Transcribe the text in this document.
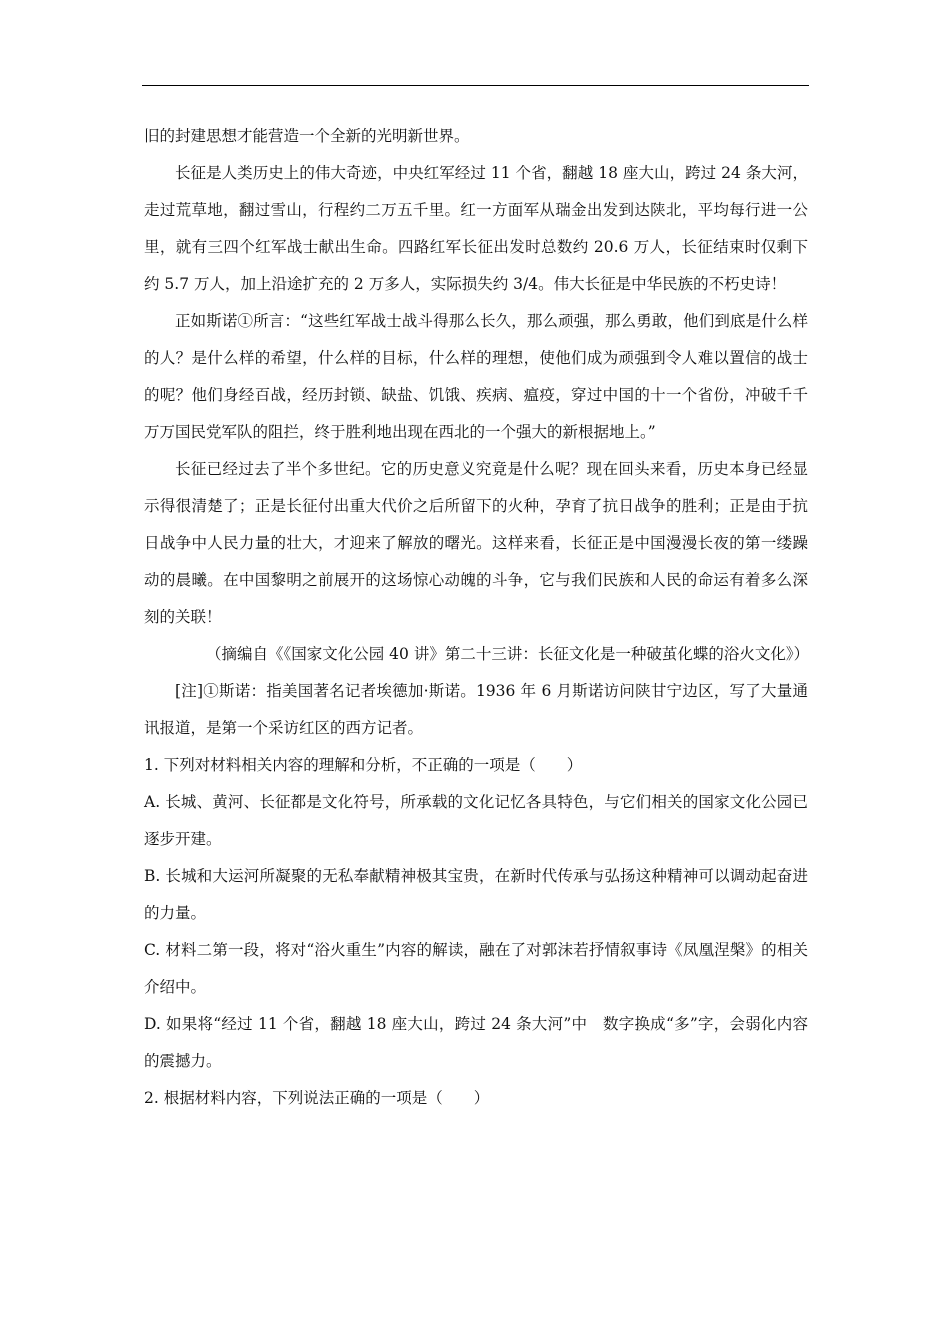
旧的封建思想才能营造一个全新的光明新世界。

长征是人类历史上的伟大奇迹，中央红军经过 11 个省，翻越 18 座大山，跨过 24 条大河，走过荒草地，翻过雪山，行程约二万五千里。红一方面军从瑞金出发到达陕北，平均每行进一公里，就有三四个红军战士献出生命。四路红军长征出发时总数约 20.6 万人，长征结束时仅剩下约 5.7 万人，加上沿途扩充的 2 万多人，实际损失约 3/4。伟大长征是中华民族的不朽史诗！

正如斯诺①所言：“这些红军战士战斗得那么长久，那么顽强，那么勇敢，他们到底是什么样的人？是什么样的希望，什么样的目标，什么样的理想，使他们成为顽强到令人难以置信的战士的呢？他们身经百战，经历封锁、缺盐、饥饿、疾病、瘟疫，穿过中国的十一个省份，冲破千千万万国民党军队的阻拦，终于胜利地出现在西北的一个强大的新根据地上。”

长征已经过去了半个多世纪。它的历史意义究竟是什么呢？现在回头来看，历史本身已经显示得很清楚了；正是长征付出重大代价之后所留下的火种，孕育了抗日战争的胜利；正是由于抗日战争中人民力量的壮大，才迎来了解放的曙光。这样来看，长征正是中国漫漫长夜的第一缕躁动的晨曦。在中国黎明之前展开的这场惊心动魄的斗争，它与我们民族和人民的命运有着多么深刻的关联！

（摘编自《《国家文化公园 40 讲》第二十三讲：长征文化是一种破茧化蝶的浴火文化》）

[注]①斯诺：指美国著名记者埃德加·斯诺。1936 年 6 月斯诺访问陕甘宁边区，写了大量通讯报道，是第一个采访红区的西方记者。

1. 下列对材料相关内容的理解和分析，不正确的一项是（　　）

A. 长城、黄河、长征都是文化符号，所承载的文化记忆各具特色，与它们相关的国家文化公园已逐步开建。

B. 长城和大运河所凝聚的无私奉献精神极其宝贵，在新时代传承与弘扬这种精神可以调动起奋进的力量。

C. 材料二第一段，将对“浴火重生”内容的解读，融在了对郭沫若抒情叙事诗《凤凰涅槃》的相关介绍中。

D. 如果将“经过 11 个省，翻越 18 座大山，跨过 24 条大河”中　数字换成“多”字，会弱化内容的震撼力。

2. 根据材料内容，下列说法正确的一项是（　　）
